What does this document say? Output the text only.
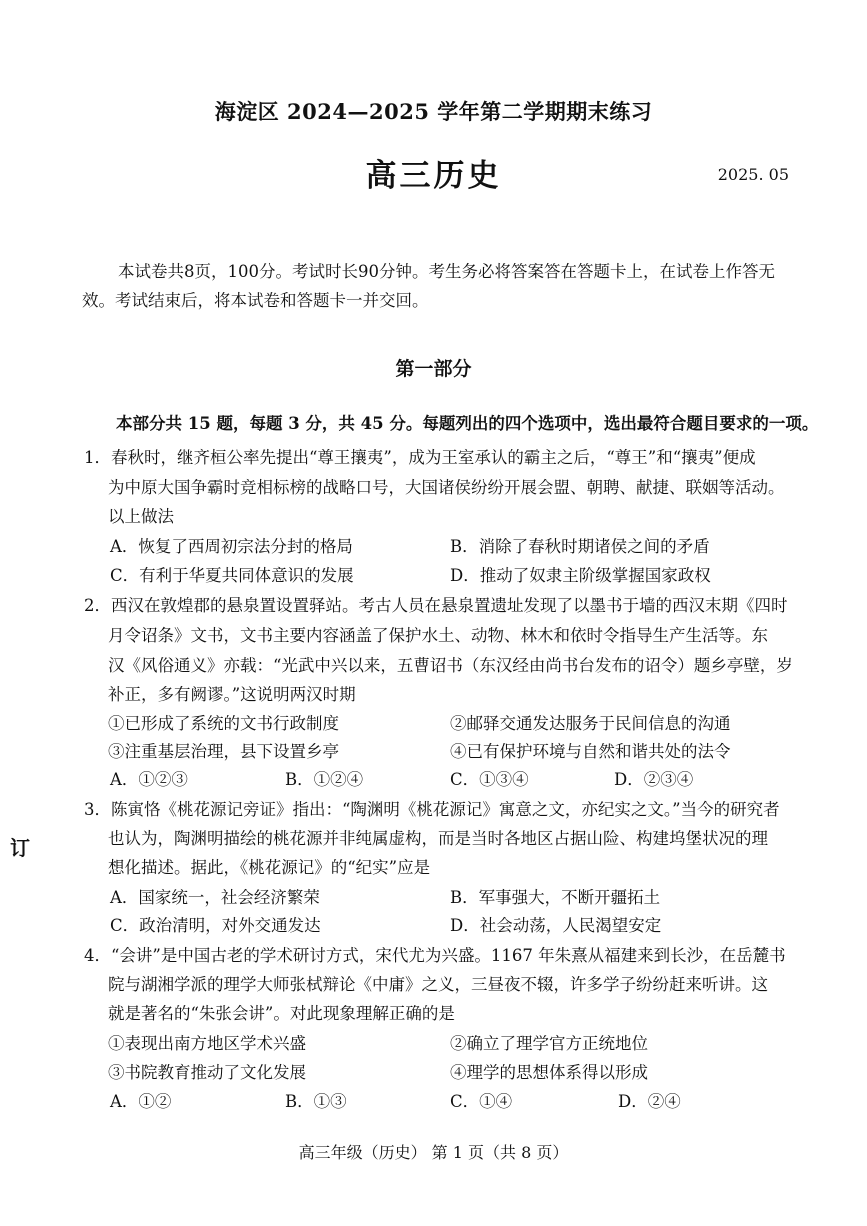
海淀区 2024—2025 学年第二学期期末练习
高三历史	2025. 05
本试卷共8页，100分。考试时长90分钟。考生务必将答案答在答题卡上，在试卷上作答无
效。考试结束后，将本试卷和答题卡一并交回。
第一部分
本部分共 15 题，每题 3 分，共 45 分。每题列出的四个选项中，选出最符合题目要求的一项。
1．春秋时，继齐桓公率先提出“尊王攘夷”，成为王室承认的霸主之后，“尊王”和“攘夷”便成
为中原大国争霸时竞相标榜的战略口号，大国诸侯纷纷开展会盟、朝聘、献捷、联姻等活动。
以上做法
A．恢复了西周初宗法分封的格局	B．消除了春秋时期诸侯之间的矛盾
C．有利于华夏共同体意识的发展	D．推动了奴隶主阶级掌握国家政权
2．西汉在敦煌郡的悬泉置设置驿站。考古人员在悬泉置遗址发现了以墨书于墙的西汉末期《四时
月令诏条》文书，文书主要内容涵盖了保护水土、动物、林木和依时令指导生产生活等。东
汉《风俗通义》亦载：“光武中兴以来，五曹诏书（东汉经由尚书台发布的诏令）题乡亭壁，岁
补正，多有阙谬。”这说明两汉时期
①已形成了系统的文书行政制度	②邮驿交通发达服务于民间信息的沟通
③注重基层治理，县下设置乡亭	④已有保护环境与自然和谐共处的法令
A．①②③	B．①②④	C．①③④	D．②③④
3．陈寅恪《桃花源记旁证》指出：“陶渊明《桃花源记》寓意之文，亦纪实之文。”当今的研究者
也认为，陶渊明描绘的桃花源并非纯属虚构，而是当时各地区占据山险、构建坞堡状况的理
想化描述。据此，《桃花源记》的“纪实”应是
A．国家统一，社会经济繁荣	B．军事强大，不断开疆拓土
C．政治清明，对外交通发达	D．社会动荡，人民渴望安定
4．“会讲”是中国古老的学术研讨方式，宋代尤为兴盛。1167 年朱熹从福建来到长沙，在岳麓书
院与湖湘学派的理学大师张栻辩论《中庸》之义，三昼夜不辍，许多学子纷纷赶来听讲。这
就是著名的“朱张会讲”。对此现象理解正确的是
①表现出南方地区学术兴盛	②确立了理学官方正统地位
③书院教育推动了文化发展	④理学的思想体系得以形成
A．①②	B．①③	C．①④	D．②④
订
高三年级（历史） 第 1 页（共 8 页）
